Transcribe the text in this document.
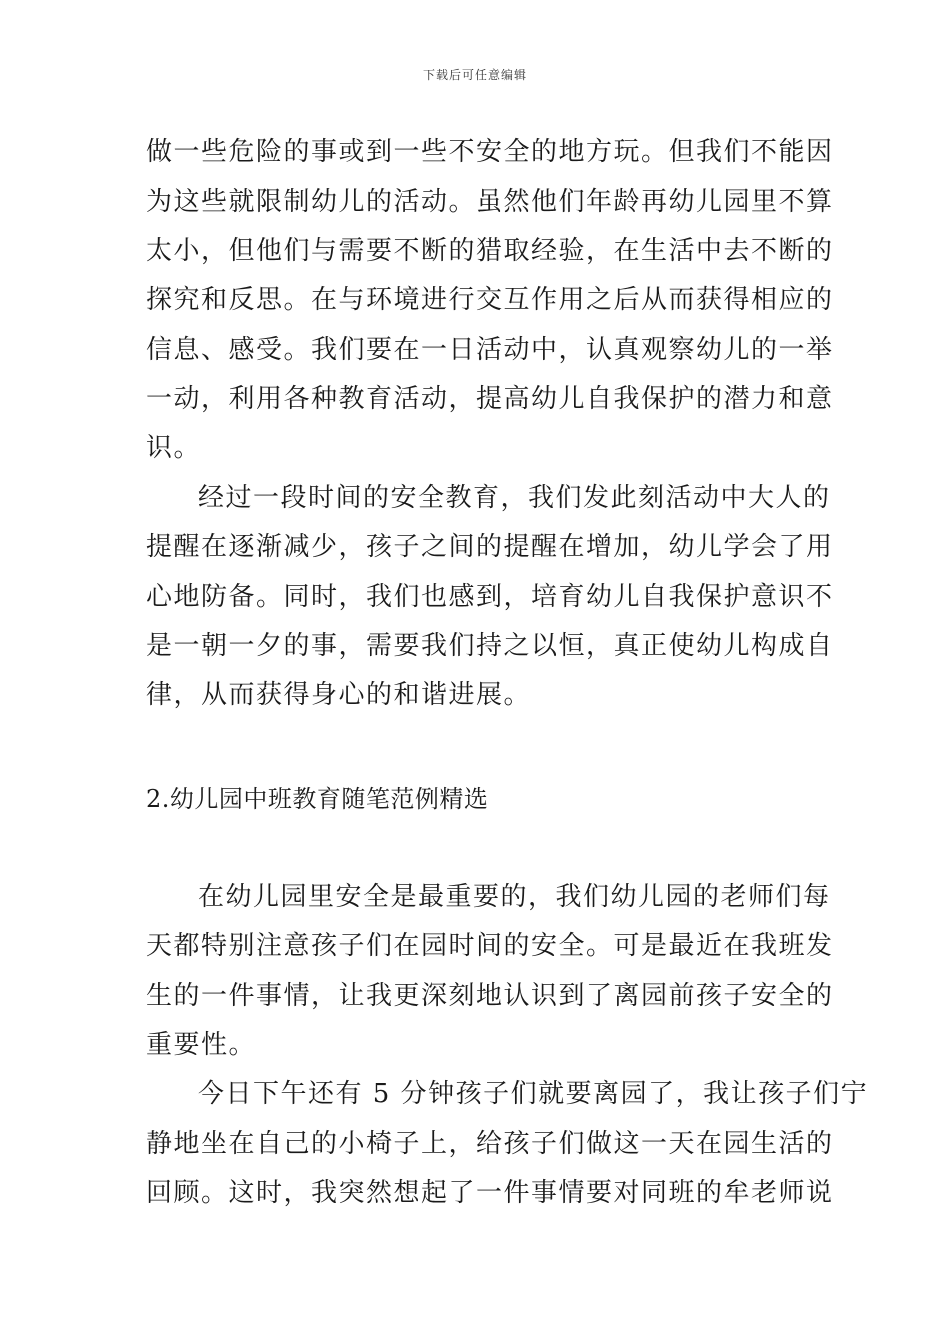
下载后可任意编辑
做一些危险的事或到一些不安全的地方玩。但我们不能因
为这些就限制幼儿的活动。虽然他们年龄再幼儿园里不算
太小，但他们与需要不断的猎取经验，在生活中去不断的
探究和反思。在与环境进行交互作用之后从而获得相应的
信息、感受。我们要在一日活动中，认真观察幼儿的一举
一动，利用各种教育活动，提高幼儿自我保护的潜力和意
识。
经过一段时间的安全教育，我们发此刻活动中大人的
提醒在逐渐减少，孩子之间的提醒在增加，幼儿学会了用
心地防备。同时，我们也感到，培育幼儿自我保护意识不
是一朝一夕的事，需要我们持之以恒，真正使幼儿构成自
律，从而获得身心的和谐进展。
2.幼儿园中班教育随笔范例精选
在幼儿园里安全是最重要的，我们幼儿园的老师们每
天都特别注意孩子们在园时间的安全。可是最近在我班发
生的一件事情，让我更深刻地认识到了离园前孩子安全的
重要性。
今日下午还有 5 分钟孩子们就要离园了，我让孩子们宁
静地坐在自己的小椅子上，给孩子们做这一天在园生活的
回顾。这时，我突然想起了一件事情要对同班的牟老师说
